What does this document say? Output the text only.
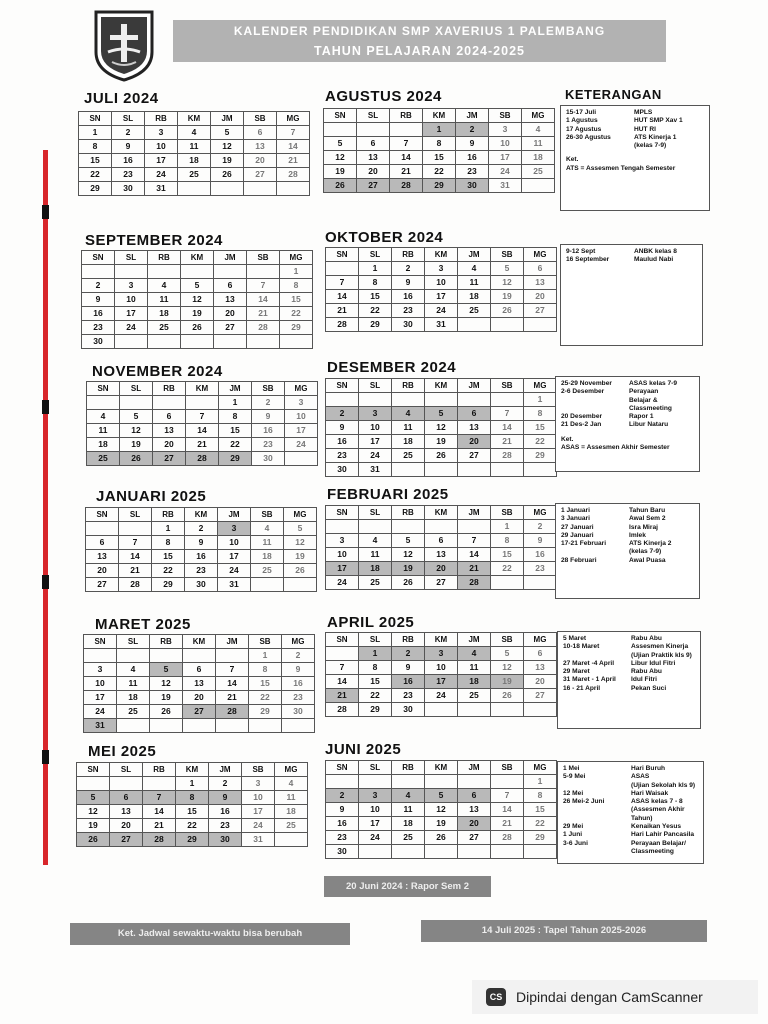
KALENDER PENDIDIKAN SMP XAVERIUS 1 PALEMBANG
TAHUN PELAJARAN 2024-2025
JULI 2024	AGUSTUS 2024
SEPTEMBER 2024	OKTOBER 2024
NOVEMBER 2024	DESEMBER 2024
JANUARI 2025	FEBRUARI 2025
MARET 2025	APRIL 2025
MEI 2025	JUNI 2025
SN	SL	RB	KM	JM	SB	MG
1	2	3	4	5	6	7
8	9	10	11	12	13	14
15	16	17	18	19	20	21
22	23	24	25	26	27	28
29	30	31				
SN	SL	RB	KM	JM	SB	MG
			1	2	3	4
5	6	7	8	9	10	11
12	13	14	15	16	17	18
19	20	21	22	23	24	25
26	27	28	29	30	31	
SN	SL	RB	KM	JM	SB	MG
						1
2	3	4	5	6	7	8
9	10	11	12	13	14	15
16	17	18	19	20	21	22
23	24	25	26	27	28	29
30						
SN	SL	RB	KM	JM	SB	MG
	1	2	3	4	5	6
7	8	9	10	11	12	13
14	15	16	17	18	19	20
21	22	23	24	25	26	27
28	29	30	31			
SN	SL	RB	KM	JM	SB	MG
				1	2	3
4	5	6	7	8	9	10
11	12	13	14	15	16	17
18	19	20	21	22	23	24
25	26	27	28	29	30	
SN	SL	RB	KM	JM	SB	MG
						1
2	3	4	5	6	7	8
9	10	11	12	13	14	15
16	17	18	19	20	21	22
23	24	25	26	27	28	29
30	31					
SN	SL	RB	KM	JM	SB	MG
		1	2	3	4	5
6	7	8	9	10	11	12
13	14	15	16	17	18	19
20	21	22	23	24	25	26
27	28	29	30	31		
SN	SL	RB	KM	JM	SB	MG
					1	2
3	4	5	6	7	8	9
10	11	12	13	14	15	16
17	18	19	20	21	22	23
24	25	26	27	28		
SN	SL	RB	KM	JM	SB	MG
					1	2
3	4	5	6	7	8	9
10	11	12	13	14	15	16
17	18	19	20	21	22	23
24	25	26	27	28	29	30
31						
SN	SL	RB	KM	JM	SB	MG
	1	2	3	4	5	6
7	8	9	10	11	12	13
14	15	16	17	18	19	20
21	22	23	24	25	26	27
28	29	30				
SN	SL	RB	KM	JM	SB	MG
			1	2	3	4
5	6	7	8	9	10	11
12	13	14	15	16	17	18
19	20	21	22	23	24	25
26	27	28	29	30	31	
SN	SL	RB	KM	JM	SB	MG
						1
2	3	4	5	6	7	8
9	10	11	12	13	14	15
16	17	18	19	20	21	22
23	24	25	26	27	28	29
30						
KETERANGAN
15-17 Juli	MPLS
1 Agustus	HUT SMP Xav 1
17 Agustus	HUT RI
26-30 Agustus	ATS Kinerja 1
(kelas 7-9)
Ket.
ATS = Assesmen Tengah Semester
9-12 Sept	ANBK kelas 8
16 September	Maulud Nabi
25-29 November	ASAS kelas 7-9
2-6 Desember	Perayaan
Belajar &
Classmeeting
20 Desember	Rapor 1
21 Des-2 Jan	Libur Nataru
Ket.
ASAS = Assesmen Akhir Semester
1 Januari	Tahun Baru
3 Januari	Awal Sem 2
27 Januari	Isra Miraj
29 Januari	Imlek
17-21 Februari	ATS Kinerja 2
(kelas 7-9)
28 Februari	Awal Puasa
5 Maret	Rabu Abu
10-18 Maret	Assesmen Kinerja
(Ujian Praktik kls 9)
27 Maret -4 April	Libur Idul Fitri
29 Maret	Rabu Abu
31 Maret - 1 April	Idul Fitri
16 - 21 April	Pekan Suci
1 Mei	Hari Buruh
5-9 Mei	ASAS
(Ujian Sekolah kls 9)
12 Mei	Hari Waisak
26 Mei-2 Juni	ASAS kelas 7 - 8
(Assesmen Akhir Tahun)
29 Mei	Kenaikan Yesus
1 Juni	Hari Lahir Pancasila
3-6 Juni	Perayaan Belajar/
Classmeeting
20 Juni 2024 : Rapor Sem 2
Ket. Jadwal sewaktu-waktu bisa berubah	14 Juli 2025 : Tapel Tahun 2025-2026
CS Dipindai dengan CamScanner
